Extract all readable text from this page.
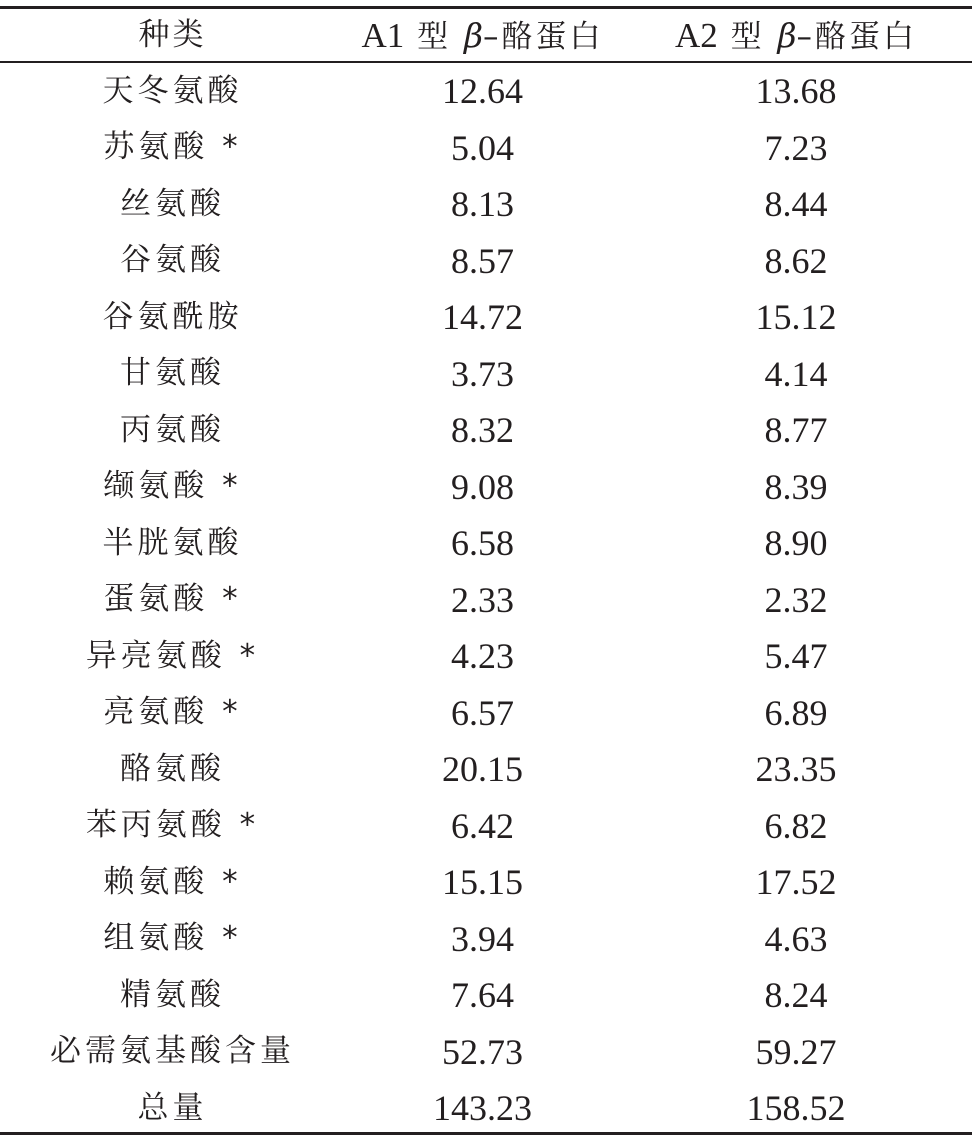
种类	A1 型 β–酪蛋白	A2 型 β–酪蛋白
天冬氨酸	12.64	13.68
苏氨酸 *	5.04	7.23
丝氨酸	8.13	8.44
谷氨酸	8.57	8.62
谷氨酰胺	14.72	15.12
甘氨酸	3.73	4.14
丙氨酸	8.32	8.77
缬氨酸 *	9.08	8.39
半胱氨酸	6.58	8.90
蛋氨酸 *	2.33	2.32
异亮氨酸 *	4.23	5.47
亮氨酸 *	6.57	6.89
酪氨酸	20.15	23.35
苯丙氨酸 *	6.42	6.82
赖氨酸 *	15.15	17.52
组氨酸 *	3.94	4.63
精氨酸	7.64	8.24
必需氨基酸含量	52.73	59.27
总量	143.23	158.52
